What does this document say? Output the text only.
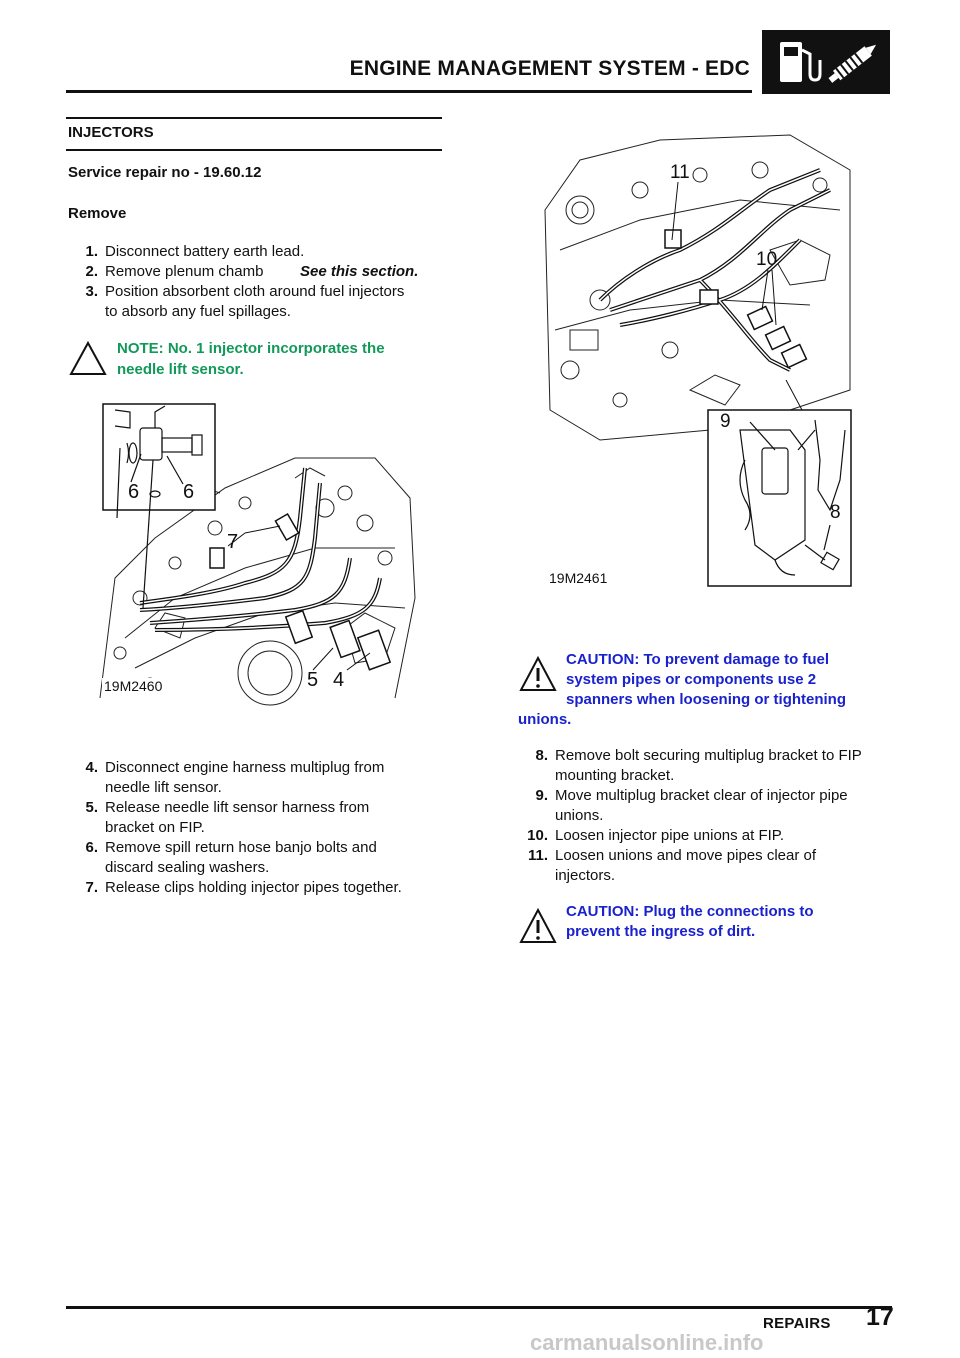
ENGINE MANAGEMENT SYSTEM - EDC
INJECTORS
Service repair no - 19.60.12
Remove
1. Disconnect battery earth lead.
2. Remove plenum chamb	See this section.
3. Position absorbent cloth around fuel injectors
to absorb any fuel spillages.
NOTE: No. 1 injector incorporates the
needle lift sensor.
6 6
7
5 4
19M2460
4. Disconnect engine harness multiplug from
needle lift sensor.
5. Release needle lift sensor harness from
bracket on FIP.
6. Remove spill return hose banjo bolts and
discard sealing washers.
7. Release clips holding injector pipes together.
11
10
9
8
19M2461
CAUTION: To prevent damage to fuel
system pipes or components use 2
spanners when loosening or tightening
unions.
8. Remove bolt securing multiplug bracket to FIP
mounting bracket.
9. Move multiplug bracket clear of injector pipe
unions.
10. Loosen injector pipe unions at FIP.
11. Loosen unions and move pipes clear of
injectors.
CAUTION: Plug the connections to
prevent the ingress of dirt.
REPAIRS 17
carmanualsonline.info
